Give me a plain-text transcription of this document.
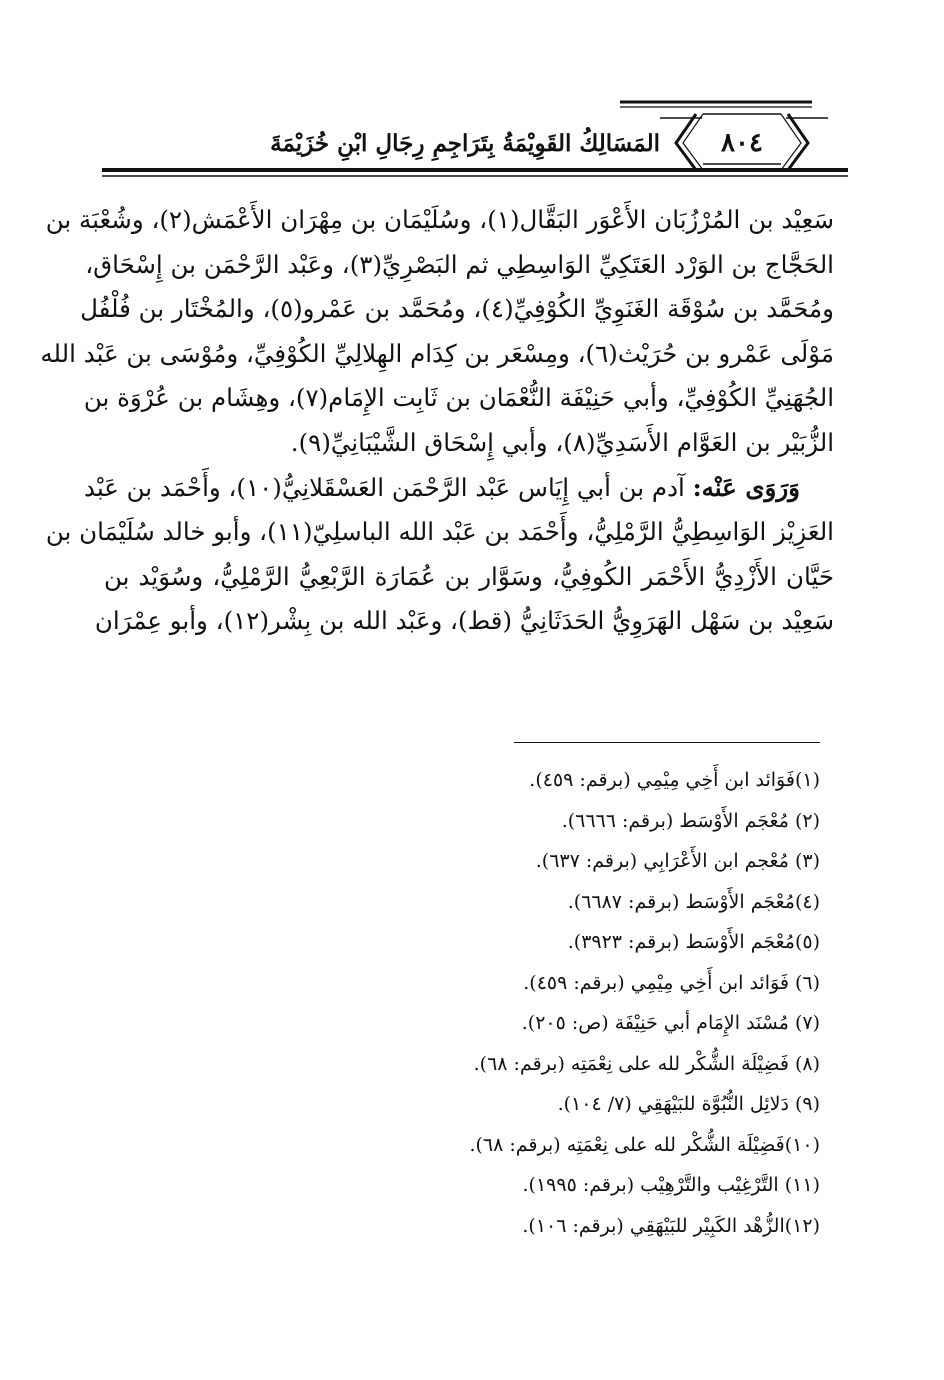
٨٠٤
المَسَالِكُ القَوِيْمَةُ بِتَرَاجِمِ رِجَالِ ابْنِ خُزَيْمَةَ
سَعِيْد بن المُرْزُبَان الأَعْوَر البَقَّال(١)، وسُلَيْمَان بن مِهْرَان الأَعْمَش(٢)، وشُعْبَة بن
الحَجَّاج بن الوَرْد العَتَكِيِّ الوَاسِطِي ثم البَصْرِيِّ(٣)، وعَبْد الرَّحْمَن بن إِسْحَاق،
ومُحَمَّد بن سُوْقَة الغَنَوِيِّ الكُوْفِيِّ(٤)، ومُحَمَّد بن عَمْرو(٥)، والمُخْتَار بن فُلْفُل
مَوْلَى عَمْرو بن حُرَيْث(٦)، ومِسْعَر بن كِدَام الهِلالِيِّ الكُوْفِيِّ، ومُوْسَى بن عَبْد الله
الجُهَنِيِّ الكُوْفِيِّ، وأبي حَنِيْفَة النُّعْمَان بن ثَابِت الإِمَام(٧)، وهِشَام بن عُرْوَة بن
الزُّبَيْر بن العَوَّام الأَسَدِيِّ(٨)، وأبي إِسْحَاق الشَّيْبَانِيِّ(٩).
وَرَوَى عَنْه: آدم بن أبي إِيَاس عَبْد الرَّحْمَن العَسْقَلانِيُّ(١٠)، وأَحْمَد بن عَبْد
العَزِيْز الوَاسِطِيُّ الرَّمْلِيُّ، وأَحْمَد بن عَبْد الله الباسلِيّ(١١)، وأبو خالد سُلَيْمَان بن
حَيَّان الأَزْدِيُّ الأَحْمَر الكُوفِيُّ، وسَوَّار بن عُمَارَة الرَّبْعِيُّ الرَّمْلِيُّ، وسُوَيْد بن
سَعِيْد بن سَهْل الهَرَوِيُّ الحَدَثَانِيُّ (قط)، وعَبْد الله بن بِشْر(١٢)، وأبو عِمْرَان
(١)فَوَائد ابن أَخِي مِيْمِي (برقم: ٤٥٩).
(٢) مُعْجَم الأَوْسَط (برقم: ٦٦٦٦).
(٣) مُعْجم ابن الأَعْرَابِي (برقم: ٦٣٧).
(٤)مُعْجَم الأَوْسَط (برقم: ٦٦٨٧).
(٥)مُعْجَم الأَوْسَط (برقم: ٣٩٢٣).
(٦) فَوَائد ابن أَخِي مِيْمِي (برقم: ٤٥٩).
(٧) مُسْنَد الإِمَام أبي حَنِيْفَة (ص: ٢٠٥).
(٨) فَضِيْلَة الشُّكْر لله على نِعْمَتِه (برقم: ٦٨).
(٩) دَلائِل النُّبُوَّة للبَيْهَقِي (٧/ ١٠٤).
(١٠)فَضِيْلَة الشُّكْر لله على نِعْمَتِه (برقم: ٦٨).
(١١) التَّرْغِيْب والتَّرْهِيْب (برقم: ١٩٩٥).
(١٢)الزُّهْد الكَبِيْر للبَيْهَقِي (برقم: ١٠٦).
